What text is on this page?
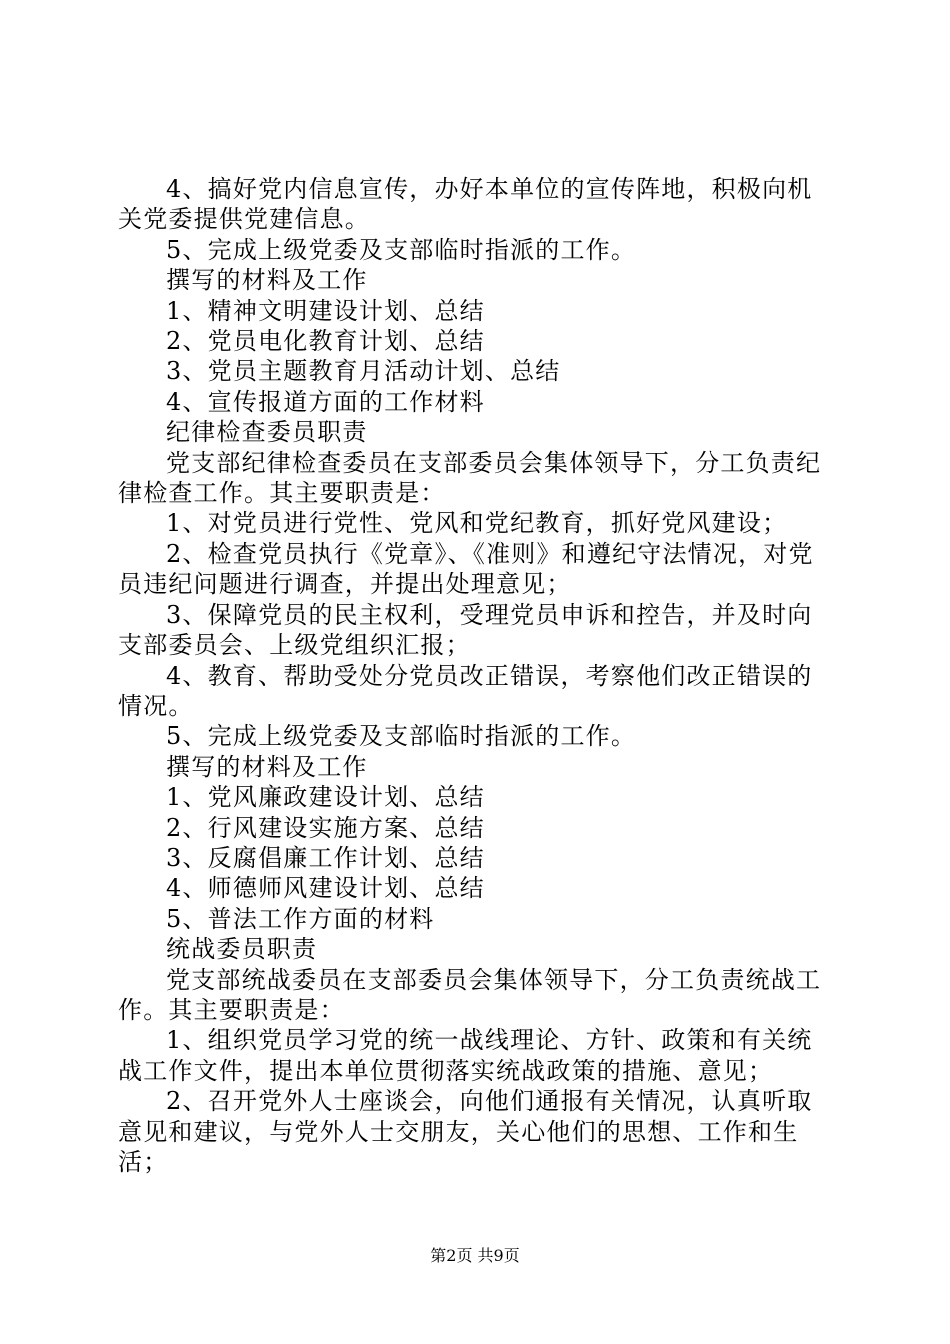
4、搞好党内信息宣传，办好本单位的宣传阵地，积极向机关党委提供党建信息。

5、完成上级党委及支部临时指派的工作。

撰写的材料及工作

1、精神文明建设计划、总结

2、党员电化教育计划、总结

3、党员主题教育月活动计划、总结

4、宣传报道方面的工作材料

纪律检查委员职责

党支部纪律检查委员在支部委员会集体领导下，分工负责纪律检查工作。其主要职责是：

1、对党员进行党性、党风和党纪教育，抓好党风建设；

2、检查党员执行《党章》、《准则》和遵纪守法情况，对党员违纪问题进行调查，并提出处理意见；

3、保障党员的民主权利，受理党员申诉和控告，并及时向支部委员会、上级党组织汇报；

4、教育、帮助受处分党员改正错误，考察他们改正错误的情况。

5、完成上级党委及支部临时指派的工作。

撰写的材料及工作

1、党风廉政建设计划、总结

2、行风建设实施方案、总结

3、反腐倡廉工作计划、总结

4、师德师风建设计划、总结

5、普法工作方面的材料

统战委员职责

党支部统战委员在支部委员会集体领导下，分工负责统战工作。其主要职责是：

1、组织党员学习党的统一战线理论、方针、政策和有关统战工作文件，提出本单位贯彻落实统战政策的措施、意见；

2、召开党外人士座谈会，向他们通报有关情况，认真听取意见和建议，与党外人士交朋友，关心他们的思想、工作和生活；

第2页 共9页
